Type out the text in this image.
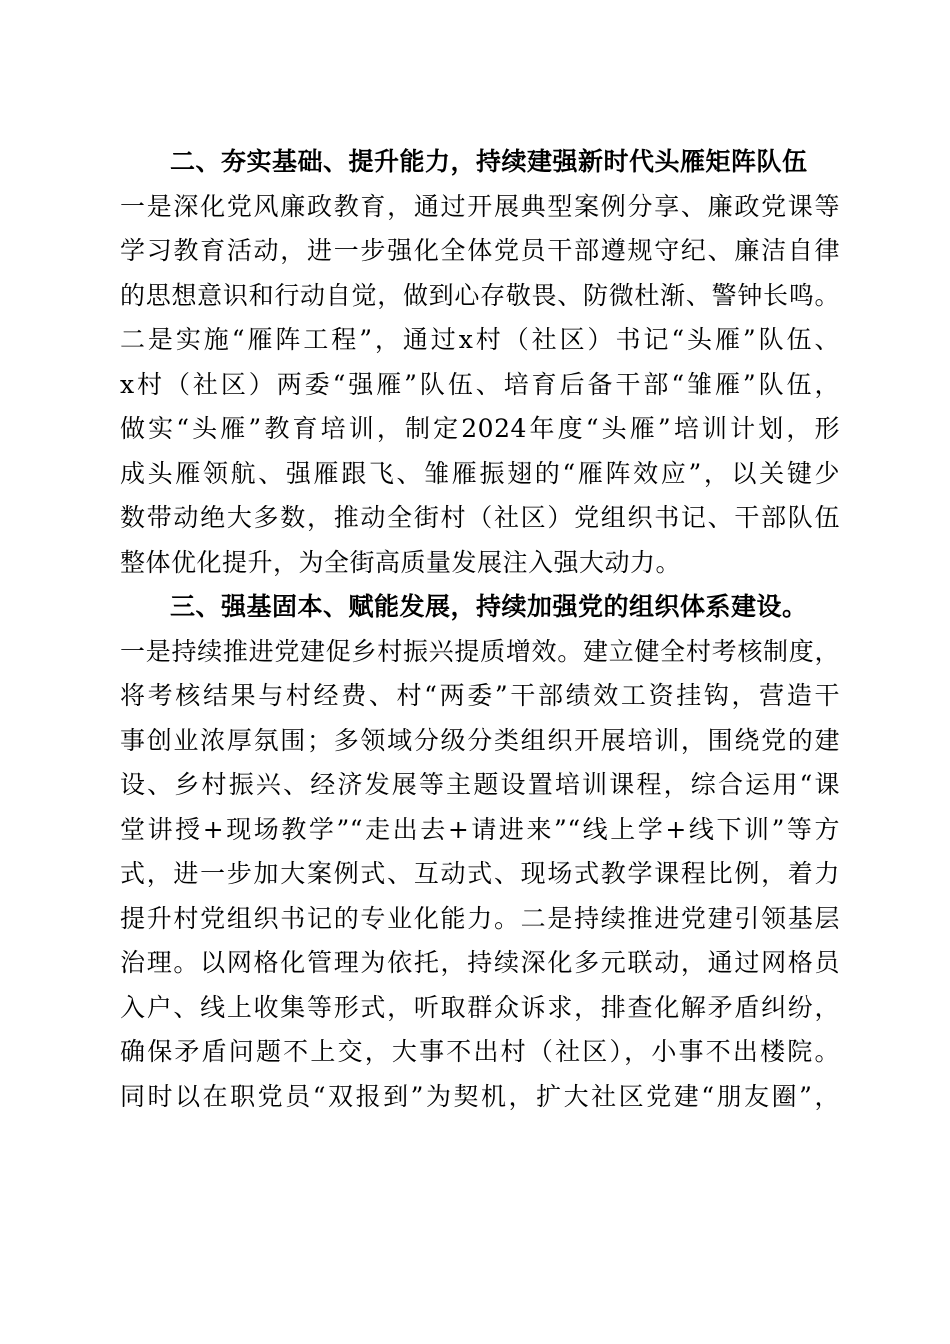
二、夯实基础、提升能力，持续建强新时代头雁矩阵队伍
一是深化党风廉政教育，通过开展典型案例分享、廉政党课等
学习教育活动，进一步强化全体党员干部遵规守纪、廉洁自律
的思想意识和行动自觉，做到心存敬畏、防微杜渐、警钟长鸣。
二是实施“雁阵工程”，通过x村（社区）书记“头雁”队伍、
x村（社区）两委“强雁”队伍、培育后备干部“雏雁”队伍，
做实“头雁”教育培训，制定2024年度“头雁”培训计划，形
成头雁领航、强雁跟飞、雏雁振翅的“雁阵效应”，以关键少
数带动绝大多数，推动全街村（社区）党组织书记、干部队伍
整体优化提升，为全街高质量发展注入强大动力。
三、强基固本、赋能发展，持续加强党的组织体系建设。
一是持续推进党建促乡村振兴提质增效。建立健全村考核制度，
将考核结果与村经费、村“两委”干部绩效工资挂钩，营造干
事创业浓厚氛围；多领域分级分类组织开展培训，围绕党的建
设、乡村振兴、经济发展等主题设置培训课程，综合运用“课
堂讲授+现场教学”“走出去+请进来”“线上学+线下训”等方
式，进一步加大案例式、互动式、现场式教学课程比例，着力
提升村党组织书记的专业化能力。二是持续推进党建引领基层
治理。以网格化管理为依托，持续深化多元联动，通过网格员
入户、线上收集等形式，听取群众诉求，排查化解矛盾纠纷，
确保矛盾问题不上交，大事不出村（社区），小事不出楼院。
同时以在职党员“双报到”为契机，扩大社区党建“朋友圈”，
